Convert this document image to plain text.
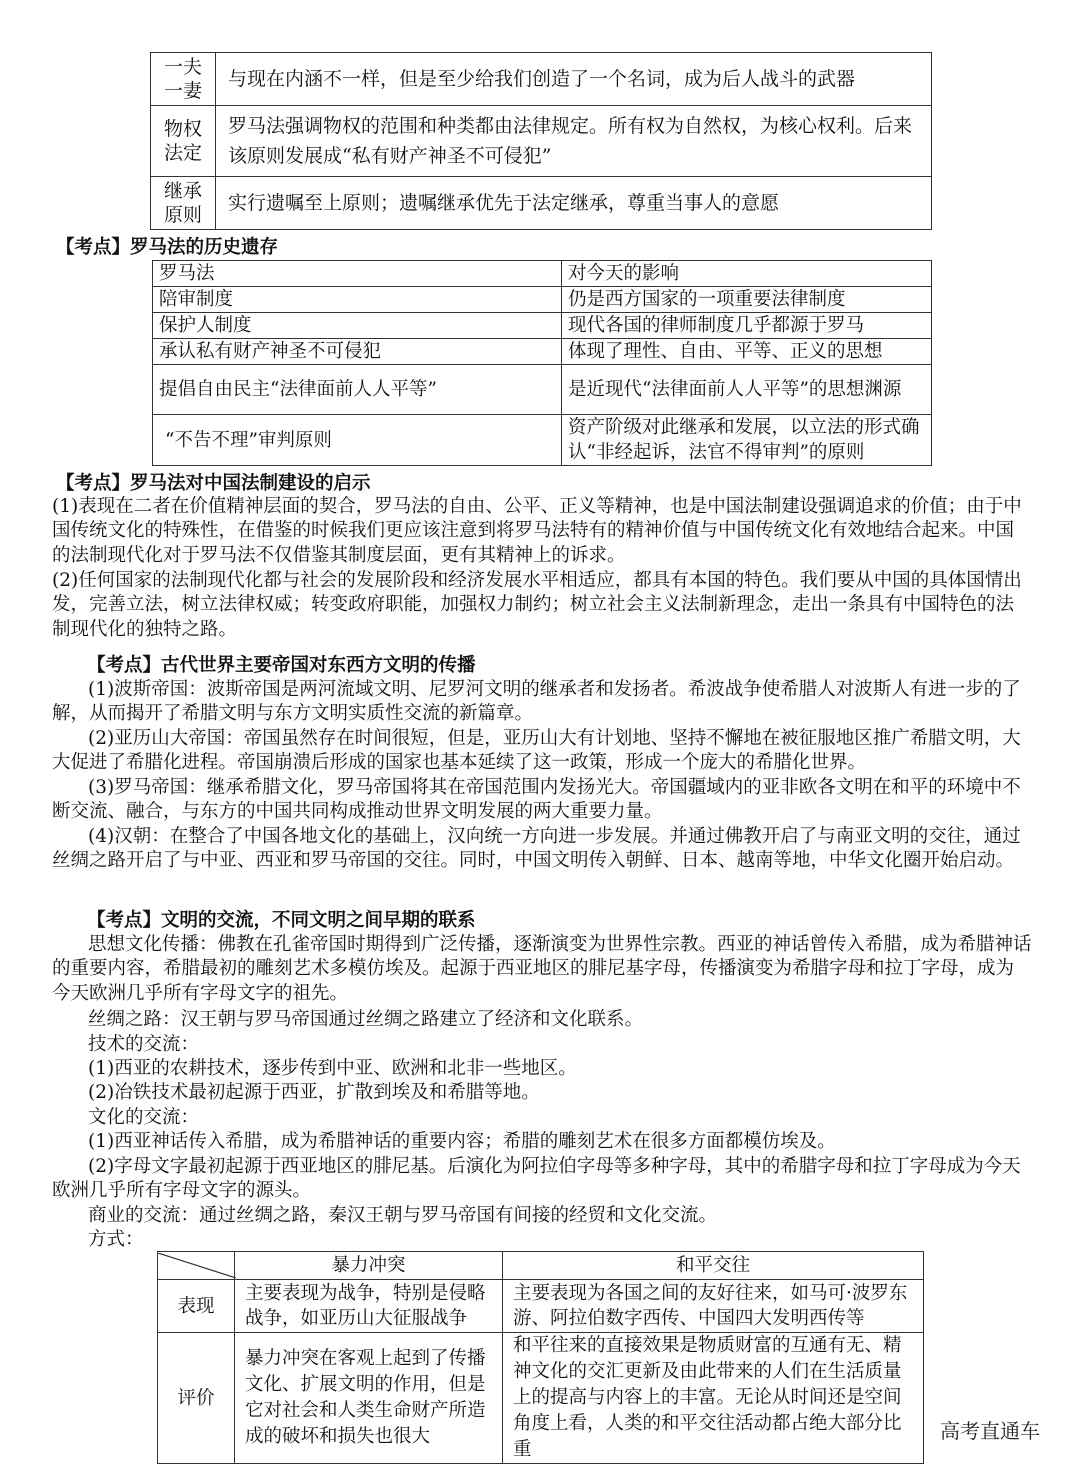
一夫
一妻	与现在内涵不一样，但是至少给我们创造了一个名词，成为后人战斗的武器
物权
法定	罗马法强调物权的范围和种类都由法律规定。所有权为自然权，为核心权利。后来该原则发展成“私有财产神圣不可侵犯”
继承
原则	实行遗嘱至上原则；遗嘱继承优先于法定继承，尊重当事人的意愿
【考点】罗马法的历史遗存
罗马法	对今天的影响
陪审制度	仍是西方国家的一项重要法律制度
保护人制度	现代各国的律师制度几乎都源于罗马
承认私有财产神圣不可侵犯	体现了理性、自由、平等、正义的思想
提倡自由民主“法律面前人人平等”	是近现代“法律面前人人平等”的思想渊源
“不告不理”审判原则	资产阶级对此继承和发展，以立法的形式确认“非经起诉，法官不得审判”的原则
【考点】罗马法对中国法制建设的启示
(1)表现在二者在价值精神层面的契合，罗马法的自由、公平、正义等精神，也是中国法制建设强调追求的价值；由于中国传统文化的特殊性，在借鉴的时候我们更应该注意到将罗马法特有的精神价值与中国传统文化有效地结合起来。中国的法制现代化对于罗马法不仅借鉴其制度层面，更有其精神上的诉求。
(2)任何国家的法制现代化都与社会的发展阶段和经济发展水平相适应，都具有本国的特色。我们要从中国的具体国情出发，完善立法，树立法律权威；转变政府职能，加强权力制约；树立社会主义法制新理念，走出一条具有中国特色的法制现代化的独特之路。
【考点】古代世界主要帝国对东西方文明的传播
(1)波斯帝国：波斯帝国是两河流域文明、尼罗河文明的继承者和发扬者。希波战争使希腊人对波斯人有进一步的了解，从而揭开了希腊文明与东方文明实质性交流的新篇章。
(2)亚历山大帝国：帝国虽然存在时间很短，但是，亚历山大有计划地、坚持不懈地在被征服地区推广希腊文明，大大促进了希腊化进程。帝国崩溃后形成的国家也基本延续了这一政策，形成一个庞大的希腊化世界。
(3)罗马帝国：继承希腊文化，罗马帝国将其在帝国范围内发扬光大。帝国疆域内的亚非欧各文明在和平的环境中不断交流、融合，与东方的中国共同构成推动世界文明发展的两大重要力量。
(4)汉朝：在整合了中国各地文化的基础上，汉向统一方向进一步发展。并通过佛教开启了与南亚文明的交往，通过丝绸之路开启了与中亚、西亚和罗马帝国的交往。同时，中国文明传入朝鲜、日本、越南等地，中华文化圈开始启动。
【考点】文明的交流，不同文明之间早期的联系
思想文化传播：佛教在孔雀帝国时期得到广泛传播，逐渐演变为世界性宗教。西亚的神话曾传入希腊，成为希腊神话的重要内容，希腊最初的雕刻艺术多模仿埃及。起源于西亚地区的腓尼基字母，传播演变为希腊字母和拉丁字母，成为今天欧洲几乎所有字母文字的祖先。
丝绸之路：汉王朝与罗马帝国通过丝绸之路建立了经济和文化联系。
技术的交流：
(1)西亚的农耕技术，逐步传到中亚、欧洲和北非一些地区。
(2)冶铁技术最初起源于西亚，扩散到埃及和希腊等地。
文化的交流：
(1)西亚神话传入希腊，成为希腊神话的重要内容；希腊的雕刻艺术在很多方面都模仿埃及。
(2)字母文字最初起源于西亚地区的腓尼基。后演化为阿拉伯字母等多种字母，其中的希腊字母和拉丁字母成为今天欧洲几乎所有字母文字的源头。
商业的交流：通过丝绸之路，秦汉王朝与罗马帝国有间接的经贸和文化交流。
方式：
	暴力冲突	和平交往
表现	主要表现为战争，特别是侵略战争，如亚历山大征服战争	主要表现为各国之间的友好往来，如马可·波罗东游、阿拉伯数字西传、中国四大发明西传等
评价	暴力冲突在客观上起到了传播文化、扩展文明的作用，但是它对社会和人类生命财产所造成的破坏和损失也很大	和平往来的直接效果是物质财富的互通有无、精神文化的交汇更新及由此带来的人们在生活质量上的提高与内容上的丰富。无论从时间还是空间角度上看，人类的和平交往活动都占绝大部分比重
高考直通车
